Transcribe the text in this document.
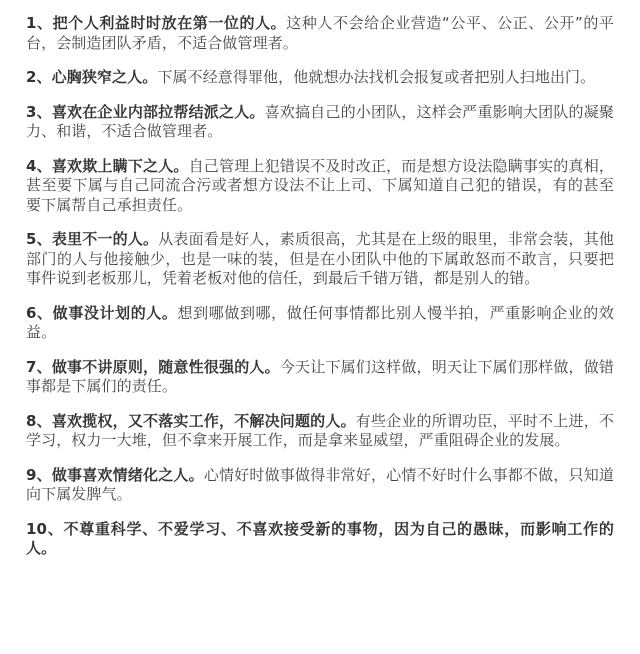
1、把个人利益时时放在第一位的人。这种人不会给企业营造“公平、公正、公开”的平台，会制造团队矛盾，不适合做管理者。

2、心胸狭窄之人。下属不经意得罪他，他就想办法找机会报复或者把别人扫地出门。

3、喜欢在企业内部拉帮结派之人。喜欢搞自己的小团队，这样会严重影响大团队的凝聚力、和谐，不适合做管理者。

4、喜欢欺上瞒下之人。自己管理上犯错误不及时改正，而是想方设法隐瞒事实的真相，甚至要下属与自己同流合污或者想方设法不让上司、下属知道自己犯的错误，有的甚至要下属帮自己承担责任。

5、表里不一的人。从表面看是好人，素质很高，尤其是在上级的眼里，非常会装，其他部门的人与他接触少，也是一味的装，但是在小团队中他的下属敢怒而不敢言，只要把事件说到老板那儿，凭着老板对他的信任，到最后千错万错，都是别人的错。

6、做事没计划的人。想到哪做到哪，做任何事情都比别人慢半拍，严重影响企业的效益。

7、做事不讲原则，随意性很强的人。今天让下属们这样做，明天让下属们那样做，做错事都是下属们的责任。

8、喜欢揽权，又不落实工作，不解决问题的人。有些企业的所谓功臣，平时不上进，不学习，权力一大堆，但不拿来开展工作，而是拿来显威望，严重阻碍企业的发展。

9、做事喜欢情绪化之人。心情好时做事做得非常好，心情不好时什么事都不做，只知道向下属发脾气。

10、不尊重科学、不爱学习、不喜欢接受新的事物，因为自己的愚昧，而影响工作的人。
